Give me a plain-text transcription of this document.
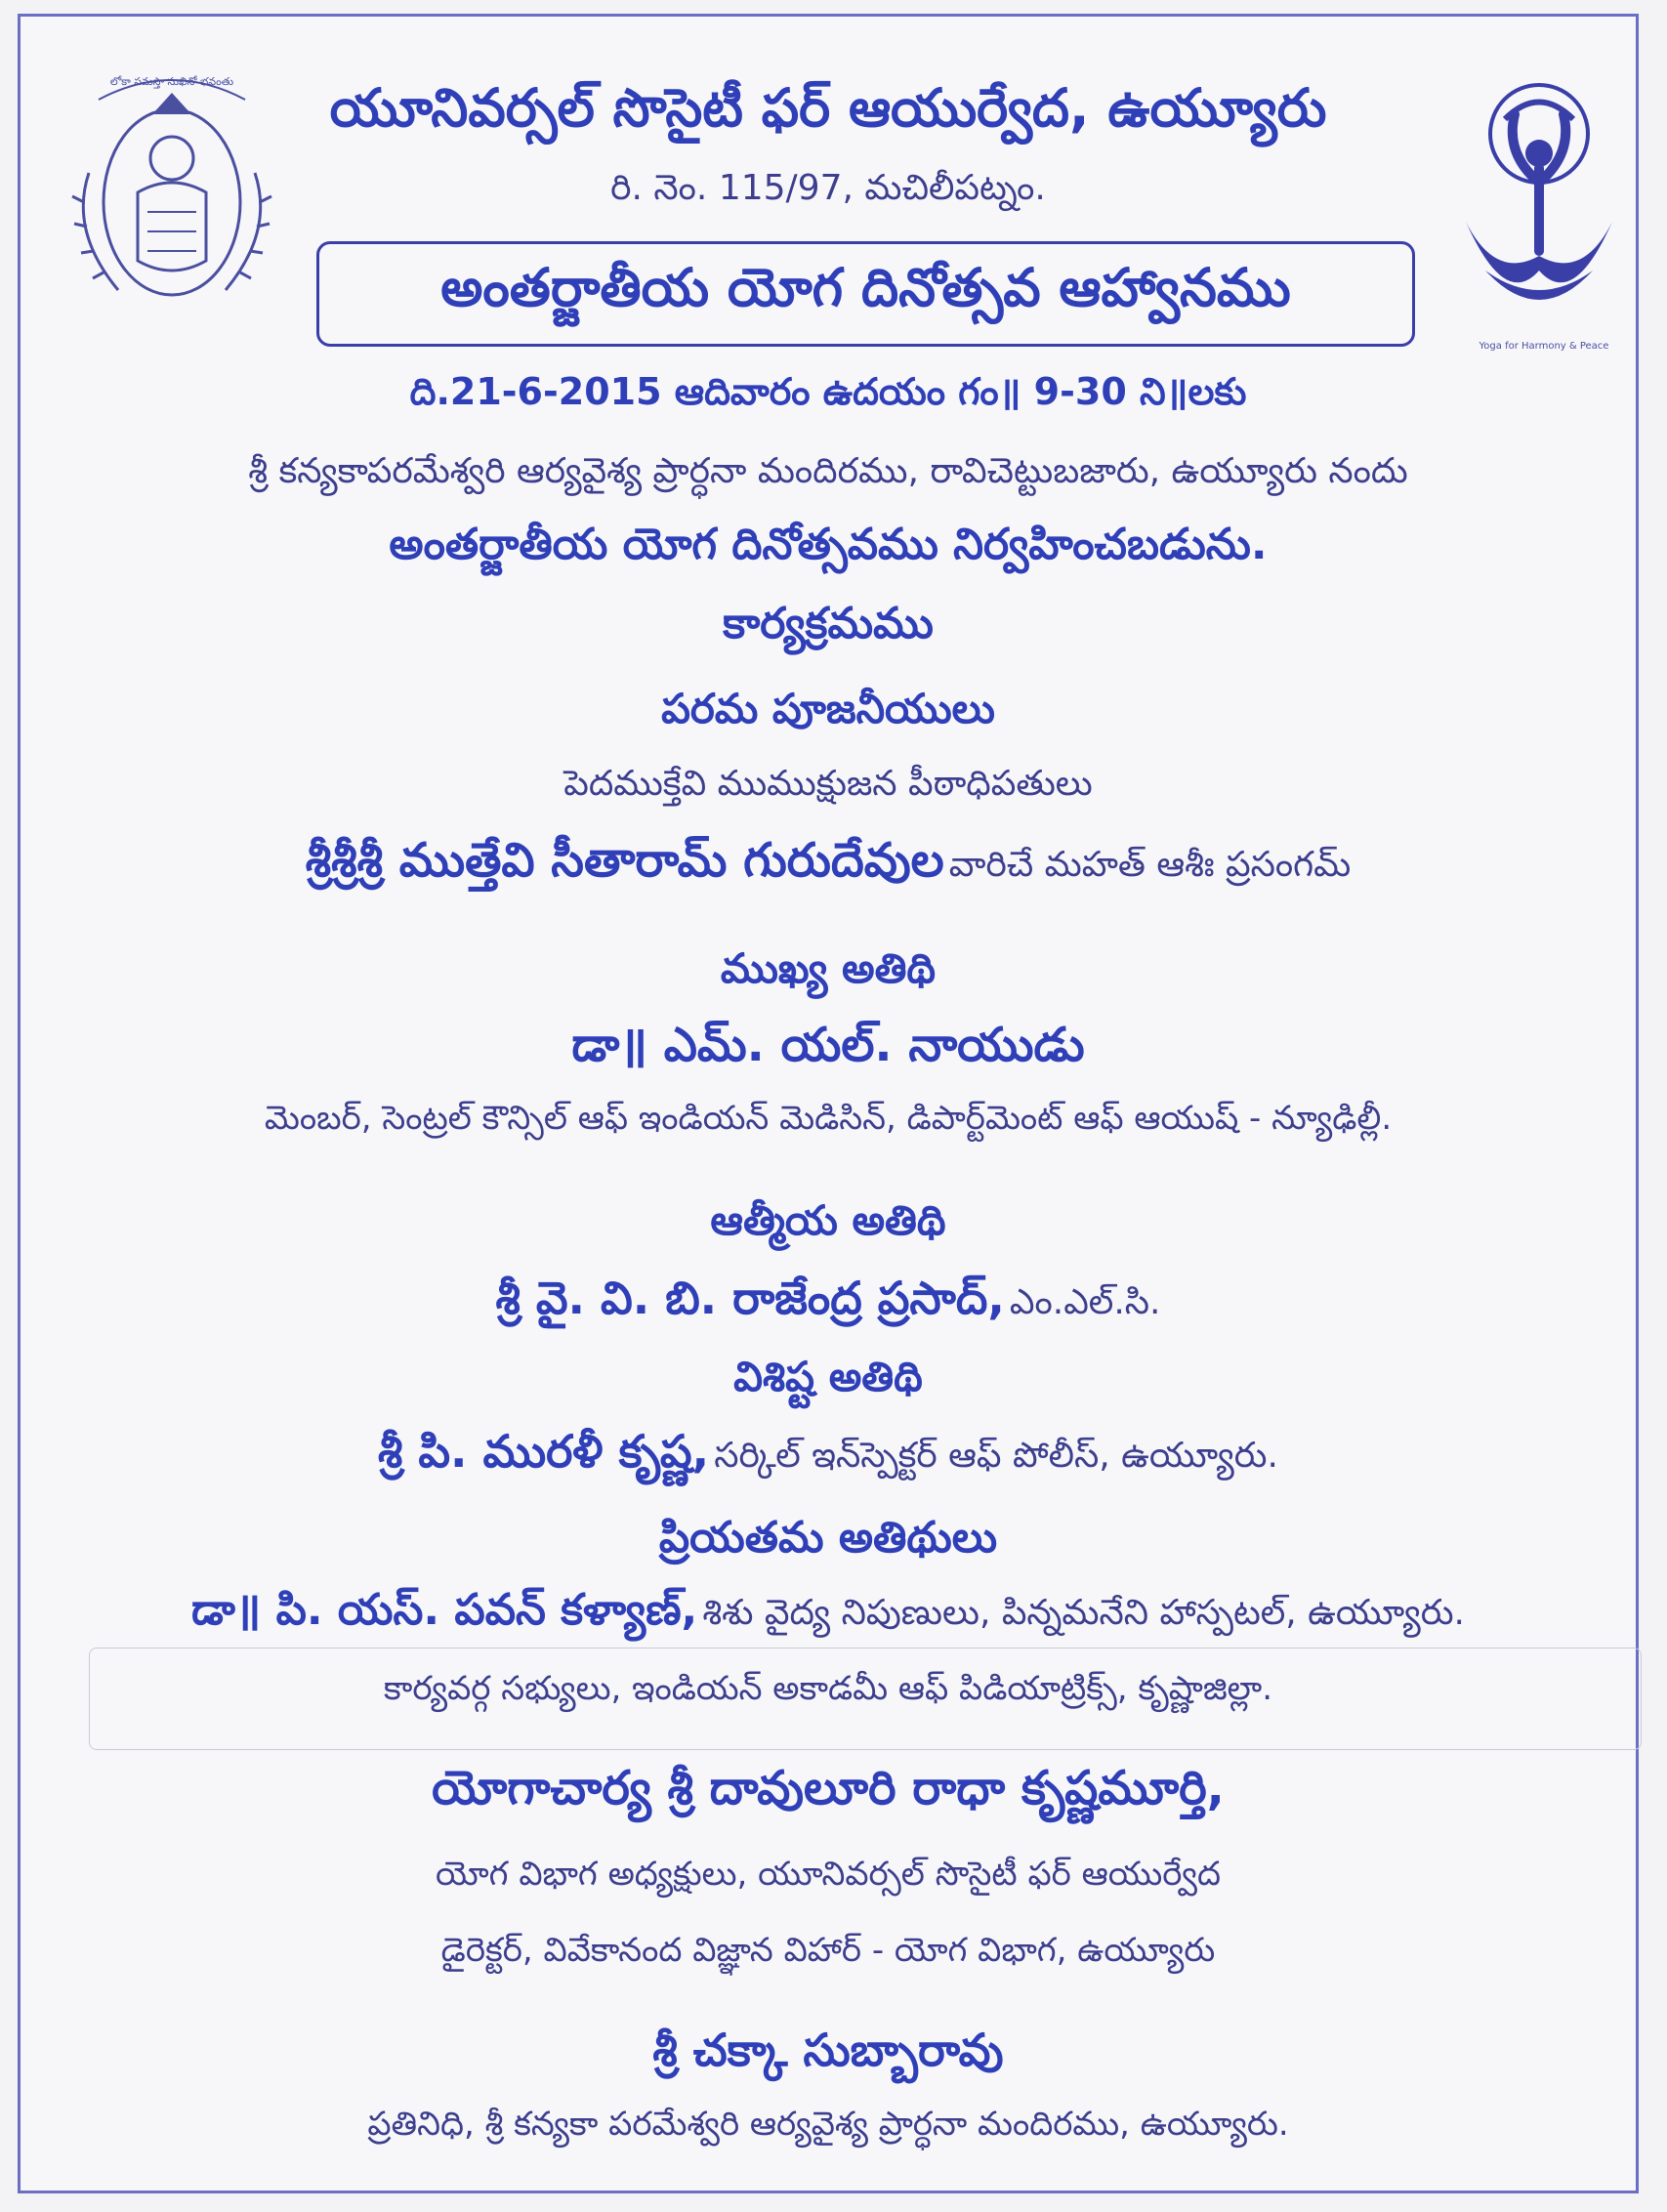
లోకా సమస్తా సుఖినో భవంతు
Yoga for Harmony & Peace
యూనివర్సల్ సొసైటీ ఫర్ ఆయుర్వేద, ఉయ్యూరు
రి. నెం. 115/97, మచిలీపట్నం.
అంతర్జాతీయ యోగ దినోత్సవ ఆహ్వానము
ది.21-6-2015 ఆదివారం ఉదయం గం॥ 9-30 ని॥లకు
శ్రీ కన్యకాపరమేశ్వరి ఆర్యవైశ్య ప్రార్ధనా మందిరము, రావిచెట్టుబజారు, ఉయ్యూరు నందు
అంతర్జాతీయ యోగ దినోత్సవము నిర్వహించబడును.
కార్యక్రమము
పరమ పూజనీయులు
పెదముక్తేవి ముముక్షుజన పీఠాధిపతులు
శ్రీశ్రీశ్రీ ముత్తేవి సీతారామ్ గురుదేవుల వారిచే మహత్ ఆశీః ప్రసంగమ్
ముఖ్య అతిథి
డా॥ ఎమ్. యల్. నాయుడు
మెంబర్, సెంట్రల్ కౌన్సిల్ ఆఫ్ ఇండియన్ మెడిసిన్, డిపార్ట్‌మెంట్ ఆఫ్ ఆయుష్ - న్యూఢిల్లీ.
ఆత్మీయ అతిథి
శ్రీ వై. వి. బి. రాజేంద్ర ప్రసాద్, ఎం.ఎల్.సి.
విశిష్ట అతిథి
శ్రీ పి. మురళీ కృష్ణ, సర్కిల్ ఇన్‌స్పెక్టర్ ఆఫ్ పోలీస్, ఉయ్యూరు.
ప్రియతమ అతిథులు
డా॥ పి. యస్. పవన్ కళ్యాణ్, శిశు వైద్య నిపుణులు, పిన్నమనేని హాస్పటల్, ఉయ్యూరు.
కార్యవర్గ సభ్యులు, ఇండియన్ అకాడమీ ఆఫ్ పిడియాట్రిక్స్, కృష్ణాజిల్లా.
యోగాచార్య శ్రీ దావులూరి రాధా కృష్ణమూర్తి,
యోగ విభాగ అధ్యక్షులు, యూనివర్సల్ సొసైటీ ఫర్ ఆయుర్వేద
డైరెక్టర్, వివేకానంద విజ్ఞాన విహార్ - యోగ విభాగ, ఉయ్యూరు
శ్రీ చక్కా సుబ్బారావు
ప్రతినిధి, శ్రీ కన్యకా పరమేశ్వరి ఆర్యవైశ్య ప్రార్ధనా మందిరము, ఉయ్యూరు.
